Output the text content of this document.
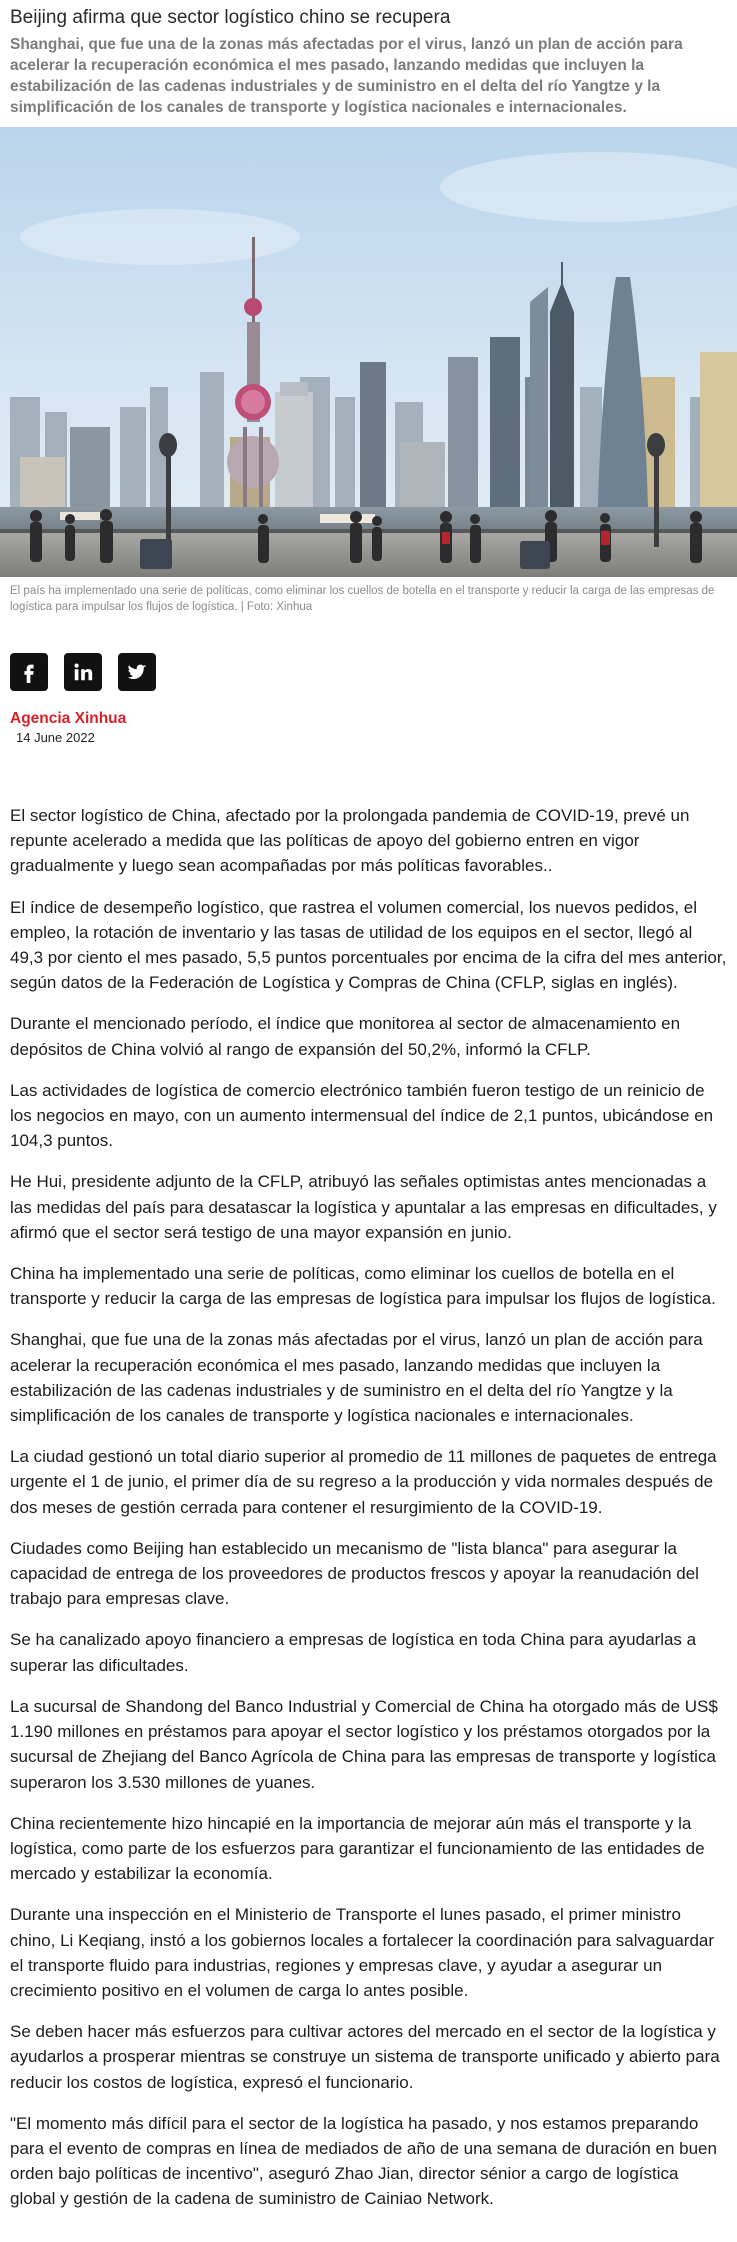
Beijing afirma que sector logístico chino se recupera
Shanghai, que fue una de la zonas más afectadas por el virus, lanzó un plan de acción para acelerar la recuperación económica el mes pasado, lanzando medidas que incluyen la estabilización de las cadenas industriales y de suministro en el delta del río Yangtze y la simplificación de los canales de transporte y logística nacionales e internacionales.
El país ha implementado una serie de políticas, como eliminar los cuellos de botella en el transporte y reducir la carga de las empresas de logística para impulsar los flujos de logística. | Foto: Xinhua
Agencia Xinhua
14 June 2022

El sector logístico de China, afectado por la prolongada pandemia de COVID-19, prevé un repunte acelerado a medida que las políticas de apoyo del gobierno entren en vigor gradualmente y luego sean acompañadas por más políticas favorables..

El índice de desempeño logístico, que rastrea el volumen comercial, los nuevos pedidos, el empleo, la rotación de inventario y las tasas de utilidad de los equipos en el sector, llegó al 49,3 por ciento el mes pasado, 5,5 puntos porcentuales por encima de la cifra del mes anterior, según datos de la Federación de Logística y Compras de China (CFLP, siglas en inglés).

Durante el mencionado período, el índice que monitorea al sector de almacenamiento en depósitos de China volvió al rango de expansión del 50,2%, informó la CFLP.

Las actividades de logística de comercio electrónico también fueron testigo de un reinicio de los negocios en mayo, con un aumento intermensual del índice de 2,1 puntos, ubicándose en 104,3 puntos.

He Hui, presidente adjunto de la CFLP, atribuyó las señales optimistas antes mencionadas a las medidas del país para desatascar la logística y apuntalar a las empresas en dificultades, y afirmó que el sector será testigo de una mayor expansión en junio.

China ha implementado una serie de políticas, como eliminar los cuellos de botella en el transporte y reducir la carga de las empresas de logística para impulsar los flujos de logística.

Shanghai, que fue una de la zonas más afectadas por el virus, lanzó un plan de acción para acelerar la recuperación económica el mes pasado, lanzando medidas que incluyen la estabilización de las cadenas industriales y de suministro en el delta del río Yangtze y la simplificación de los canales de transporte y logística nacionales e internacionales.

La ciudad gestionó un total diario superior al promedio de 11 millones de paquetes de entrega urgente el 1 de junio, el primer día de su regreso a la producción y vida normales después de dos meses de gestión cerrada para contener el resurgimiento de la COVID-19.

Ciudades como Beijing han establecido un mecanismo de "lista blanca" para asegurar la capacidad de entrega de los proveedores de productos frescos y apoyar la reanudación del trabajo para empresas clave.

Se ha canalizado apoyo financiero a empresas de logística en toda China para ayudarlas a superar las dificultades.

La sucursal de Shandong del Banco Industrial y Comercial de China ha otorgado más de US$ 1.190 millones en préstamos para apoyar el sector logístico y los préstamos otorgados por la sucursal de Zhejiang del Banco Agrícola de China para las empresas de transporte y logística superaron los 3.530 millones de yuanes.

China recientemente hizo hincapié en la importancia de mejorar aún más el transporte y la logística, como parte de los esfuerzos para garantizar el funcionamiento de las entidades de mercado y estabilizar la economía.

Durante una inspección en el Ministerio de Transporte el lunes pasado, el primer ministro chino, Li Keqiang, instó a los gobiernos locales a fortalecer la coordinación para salvaguardar el transporte fluido para industrias, regiones y empresas clave, y ayudar a asegurar un crecimiento positivo en el volumen de carga lo antes posible.

Se deben hacer más esfuerzos para cultivar actores del mercado en el sector de la logística y ayudarlos a prosperar mientras se construye un sistema de transporte unificado y abierto para reducir los costos de logística, expresó el funcionario.

"El momento más difícil para el sector de la logística ha pasado, y nos estamos preparando para el evento de compras en línea de mediados de año de una semana de duración en buen orden bajo políticas de incentivo", aseguró Zhao Jian, director sénior a cargo de logística global y gestión de la cadena de suministro de Cainiao Network.
